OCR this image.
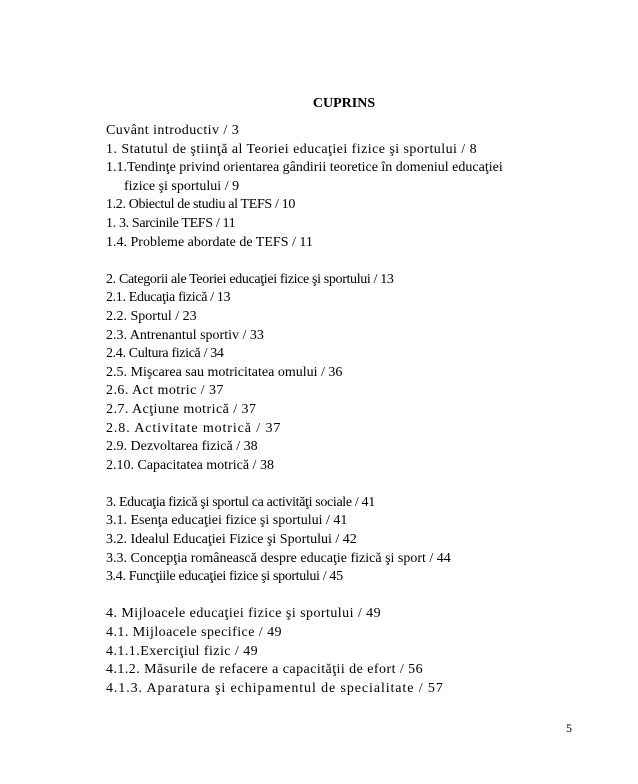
CUPRINS
Cuvânt introductiv / 3
1. Statutul de ştiinţă al Teoriei educaţiei fizice şi sportului / 8
1.1.Tendinţe privind orientarea gândirii teoretice în domeniul educaţiei
fizice şi sportului / 9
1.2. Obiectul de studiu al TEFS / 10
1. 3. Sarcinile TEFS / 11
1.4. Probleme abordate de TEFS / 11
2. Categorii ale Teoriei educaţiei fizice şi sportului / 13
2.1. Educaţia fizică / 13
2.2. Sportul / 23
2.3. Antrenantul sportiv / 33
2.4. Cultura fizică / 34
2.5. Mişcarea sau motricitatea omului / 36
2.6. Act motric / 37
2.7. Acţiune motrică / 37
2.8. Activitate motrică / 37
2.9. Dezvoltarea fizică / 38
2.10. Capacitatea motrică / 38
3. Educaţia fizică şi sportul ca activităţi sociale / 41
3.1. Esenţa educaţiei fizice şi sportului / 41
3.2. Idealul Educaţiei Fizice şi Sportului / 42
3.3. Concepţia românească despre educaţie fizică şi sport / 44
3.4. Funcţiile educaţiei fizice şi sportului / 45
4. Mijloacele educaţiei fizice şi sportului / 49
4.1. Mijloacele specifice / 49
4.1.1.Exerciţiul fizic / 49
4.1.2. Măsurile de refacere a capacităţii de efort / 56
4.1.3. Aparatura şi echipamentul de specialitate / 57
5
